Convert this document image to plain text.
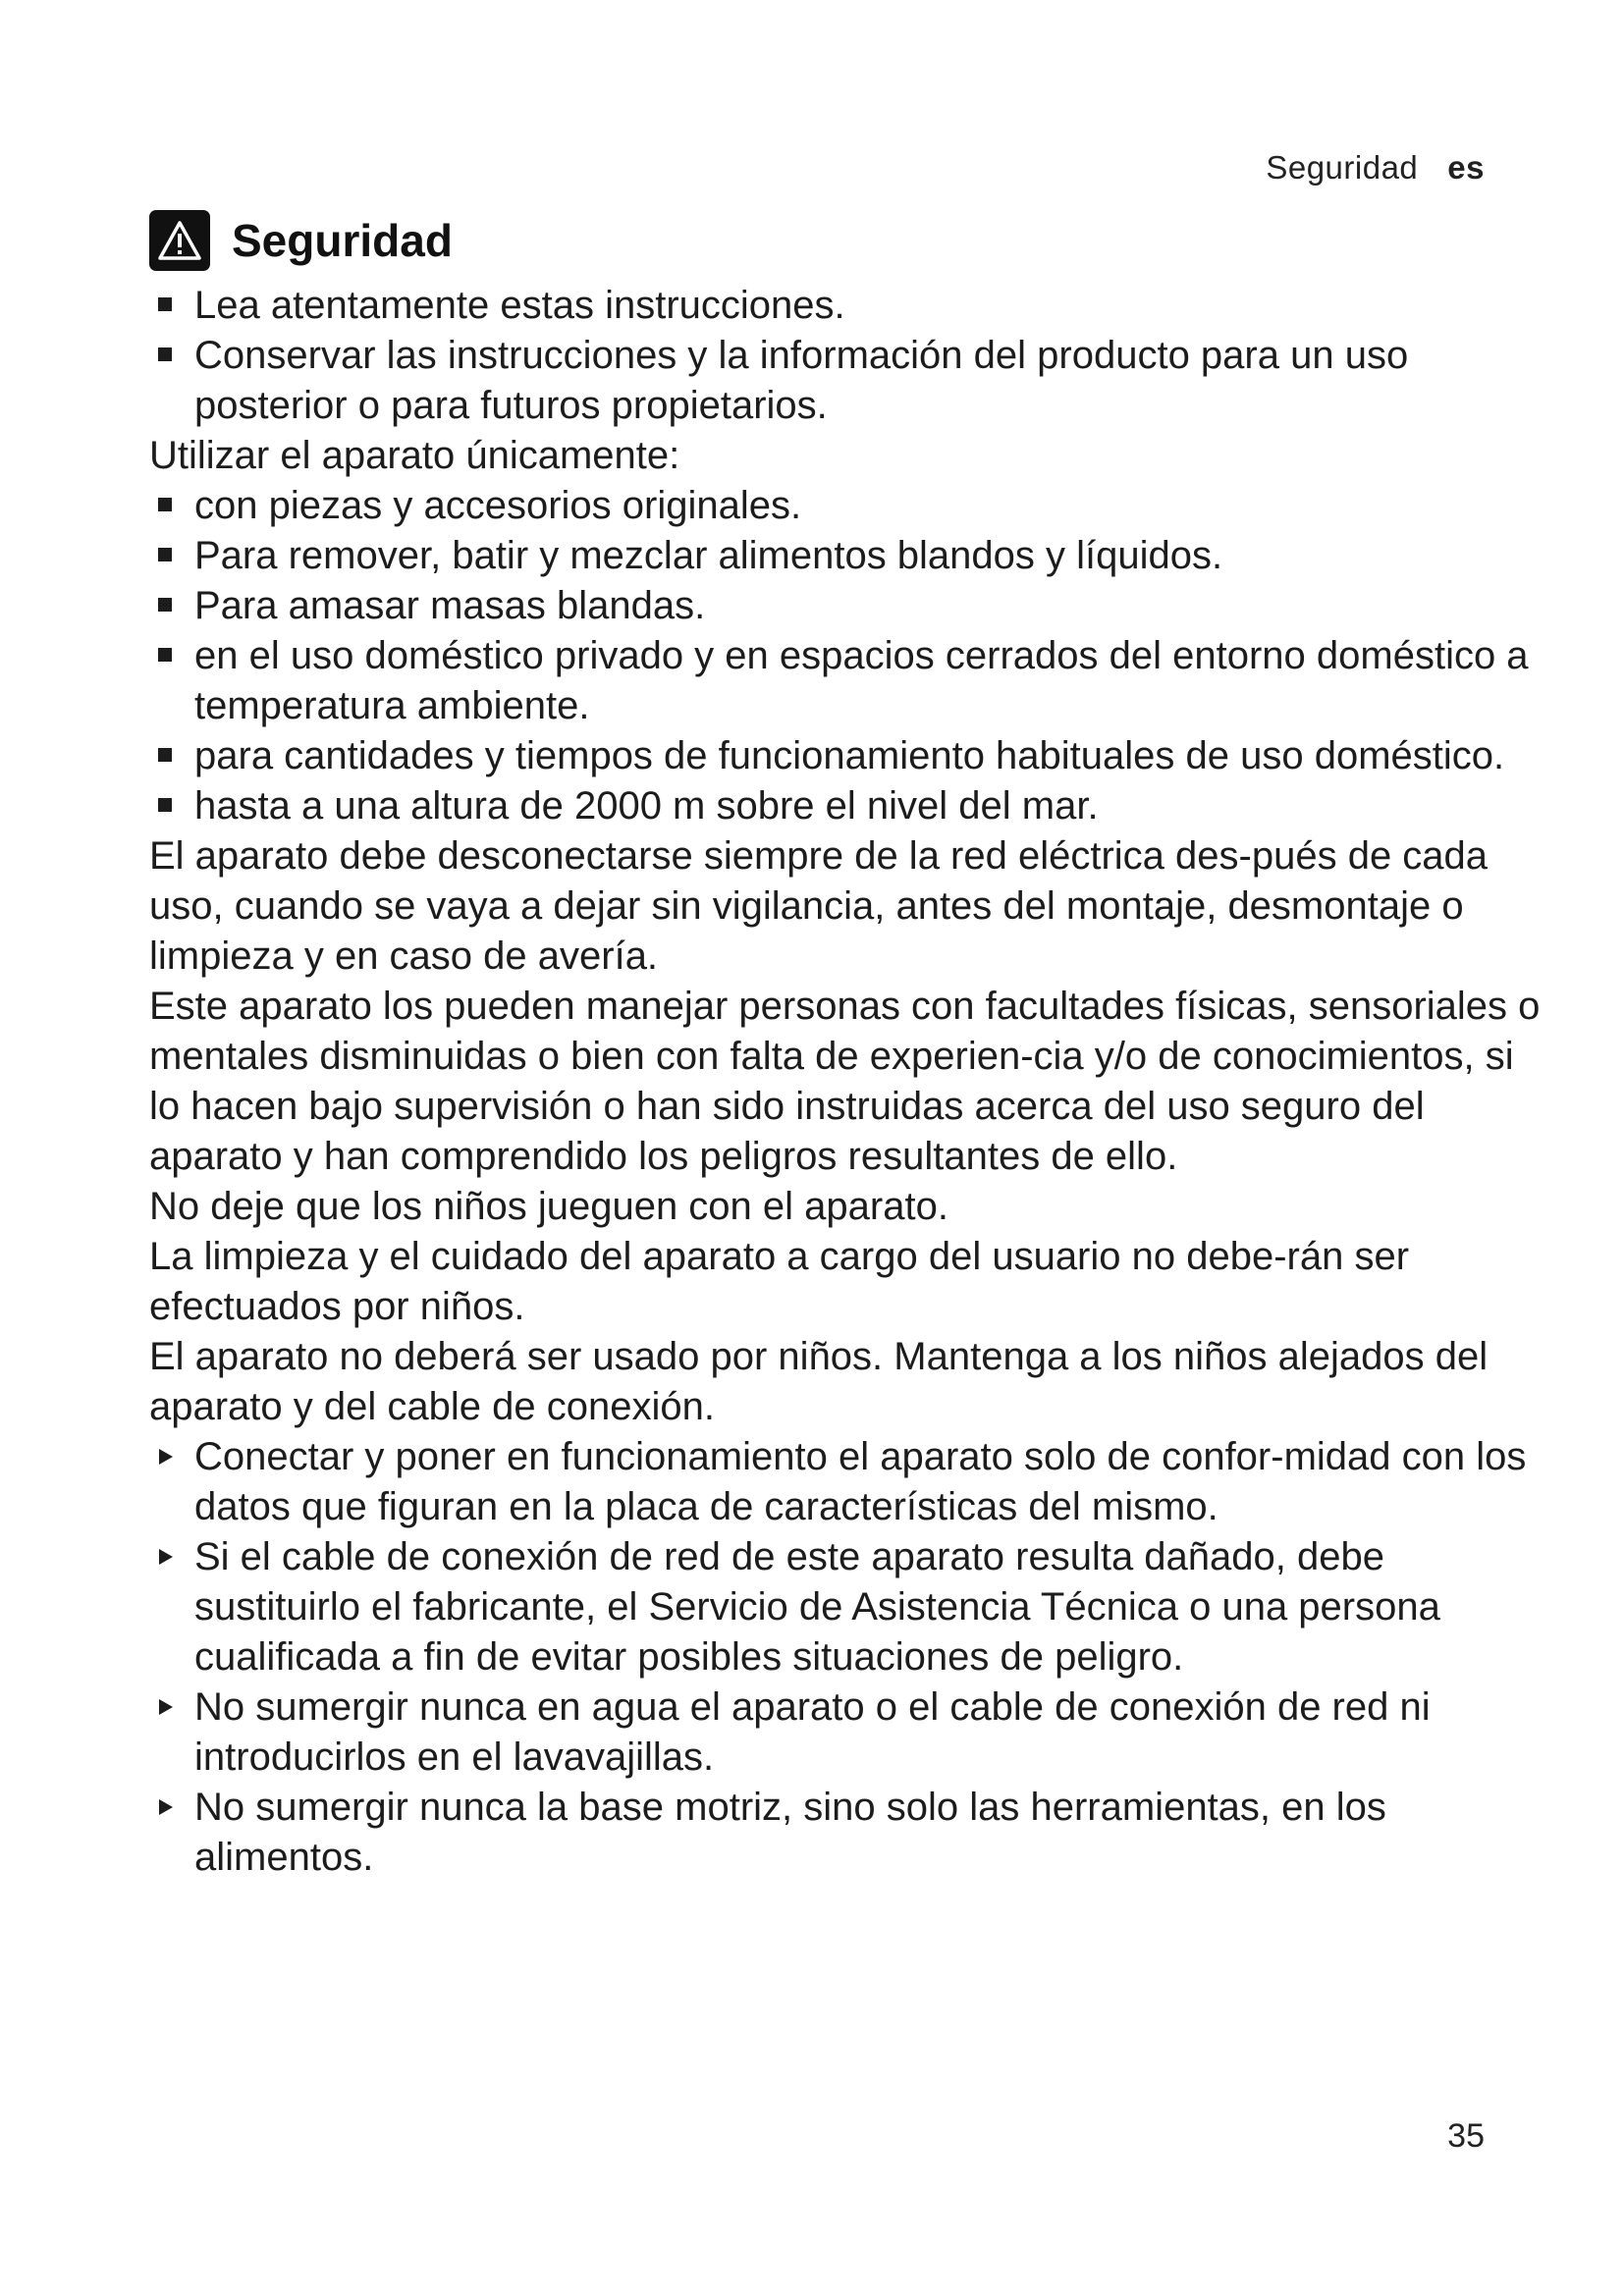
Seguridad es
Seguridad
Lea atentamente estas instrucciones.
Conservar las instrucciones y la información del producto para un uso posterior o para futuros propietarios.
Utilizar el aparato únicamente:
con piezas y accesorios originales.
Para remover, batir y mezclar alimentos blandos y líquidos.
Para amasar masas blandas.
en el uso doméstico privado y en espacios cerrados del entorno doméstico a temperatura ambiente.
para cantidades y tiempos de funcionamiento habituales de uso doméstico.
hasta a una altura de 2000 m sobre el nivel del mar.
El aparato debe desconectarse siempre de la red eléctrica des-pués de cada uso, cuando se vaya a dejar sin vigilancia, antes del montaje, desmontaje o limpieza y en caso de avería.
Este aparato los pueden manejar personas con facultades físicas, sensoriales o mentales disminuidas o bien con falta de experien-cia y/o de conocimientos, si lo hacen bajo supervisión o han sido instruidas acerca del uso seguro del aparato y han comprendido los peligros resultantes de ello.
No deje que los niños jueguen con el aparato.
La limpieza y el cuidado del aparato a cargo del usuario no debe-rán ser efectuados por niños.
El aparato no deberá ser usado por niños. Mantenga a los niños alejados del aparato y del cable de conexión.
Conectar y poner en funcionamiento el aparato solo de confor-midad con los datos que figuran en la placa de características del mismo.
Si el cable de conexión de red de este aparato resulta dañado, debe sustituirlo el fabricante, el Servicio de Asistencia Técnica o una persona cualificada a fin de evitar posibles situaciones de peligro.
No sumergir nunca en agua el aparato o el cable de conexión de red ni introducirlos en el lavavajillas.
No sumergir nunca la base motriz, sino solo las herramientas, en los alimentos.
35
